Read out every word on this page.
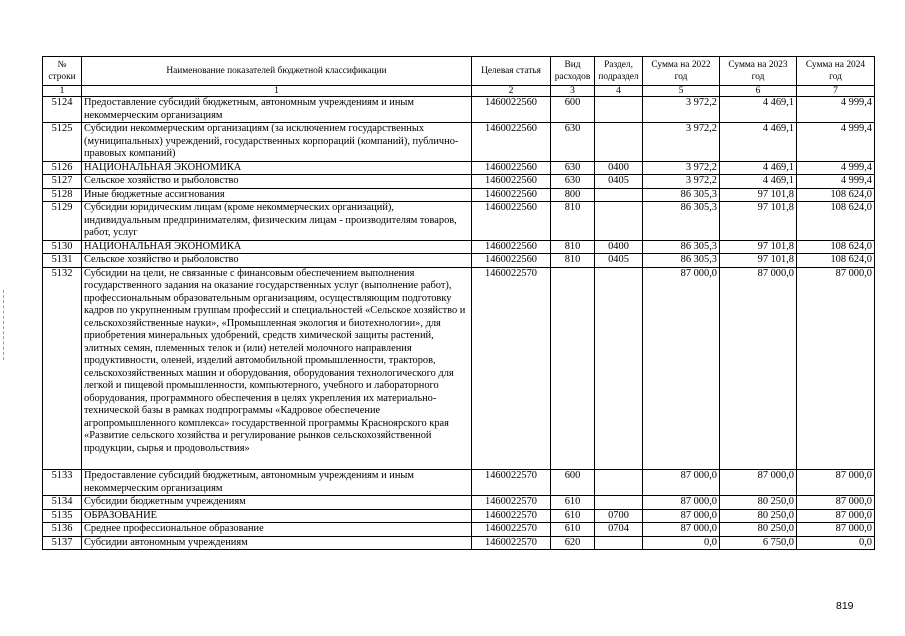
№ строки	Наименование показателей бюджетной классификации	Целевая статья	Вид расходов	Раздел, подраздел	Сумма на 2022 год	Сумма на 2023 год	Сумма на 2024 год
1	1	2	3	4	5	6	7
5124	Предоставление субсидий бюджетным, автономным учреждениям и иным некоммерческим организациям	1460022560	600		3 972,2	4 469,1	4 999,4
5125	Субсидии некоммерческим организациям (за исключением государственных (муниципальных) учреждений, государственных корпораций (компаний), публично-правовых компаний)	1460022560	630		3 972,2	4 469,1	4 999,4
5126	НАЦИОНАЛЬНАЯ ЭКОНОМИКА	1460022560	630	0400	3 972,2	4 469,1	4 999,4
5127	Сельское хозяйство и рыболовство	1460022560	630	0405	3 972,2	4 469,1	4 999,4
5128	Иные бюджетные ассигнования	1460022560	800		86 305,3	97 101,8	108 624,0
5129	Субсидии юридическим лицам (кроме некоммерческих организаций), индивидуальным предпринимателям, физическим лицам - производителям товаров, работ, услуг	1460022560	810		86 305,3	97 101,8	108 624,0
5130	НАЦИОНАЛЬНАЯ ЭКОНОМИКА	1460022560	810	0400	86 305,3	97 101,8	108 624,0
5131	Сельское хозяйство и рыболовство	1460022560	810	0405	86 305,3	97 101,8	108 624,0
5132	Субсидии на цели, не связанные с финансовым обеспечением выполнения государственного задания на оказание государственных услуг (выполнение работ), профессиональным образовательным организациям, осуществляющим подготовку кадров по укрупненным группам профессий и специальностей «Сельское хозяйство и сельскохозяйственные науки», «Промышленная экология и биотехнологии», для приобретения минеральных удобрений, средств химической защиты растений, элитных семян, племенных телок и (или) нетелей молочного направления продуктивности, оленей, изделий автомобильной промышленности, тракторов, сельскохозяйственных машин и оборудования, оборудования технологического для легкой и пищевой промышленности, компьютерного, учебного и лабораторного оборудования, программного обеспечения в целях укрепления их материально-технической базы в рамках подпрограммы «Кадровое обеспечение агропромышленного комплекса» государственной программы Красноярского края «Развитие сельского хозяйства и регулирование рынков сельскохозяйственной продукции, сырья и продовольствия»	1460022570			87 000,0	87 000,0	87 000,0
5133	Предоставление субсидий бюджетным, автономным учреждениям и иным некоммерческим организациям	1460022570	600		87 000,0	87 000,0	87 000,0
5134	Субсидии бюджетным учреждениям	1460022570	610		87 000,0	80 250,0	87 000,0
5135	ОБРАЗОВАНИЕ	1460022570	610	0700	87 000,0	80 250,0	87 000,0
5136	Среднее профессиональное образование	1460022570	610	0704	87 000,0	80 250,0	87 000,0
5137	Субсидии автономным учреждениям	1460022570	620		0,0	6 750,0	0,0
819
